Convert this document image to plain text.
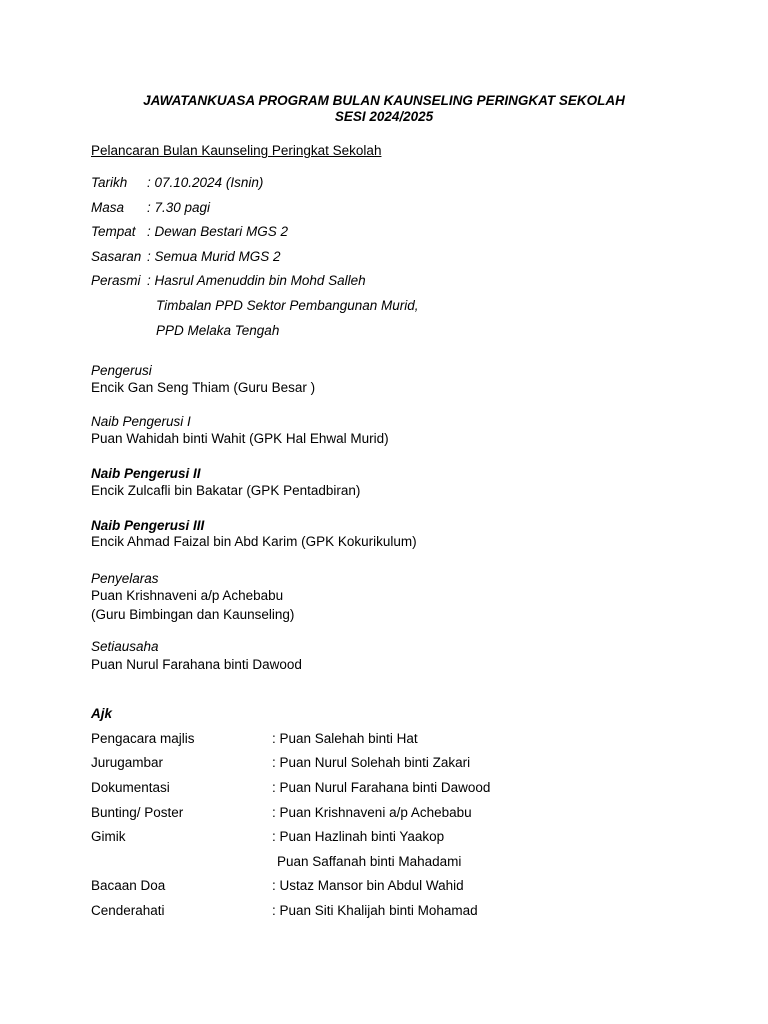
JAWATANKUASA PROGRAM BULAN KAUNSELING PERINGKAT SEKOLAH
SESI 2024/2025
Pelancaran Bulan Kaunseling Peringkat Sekolah
Tarikh : 07.10.2024 (Isnin)
Masa : 7.30 pagi
Tempat : Dewan Bestari MGS 2
Sasaran : Semua Murid MGS 2
Perasmi : Hasrul Amenuddin bin Mohd Salleh
Timbalan PPD Sektor Pembangunan Murid,
PPD Melaka Tengah
Pengerusi
Encik Gan Seng Thiam (Guru Besar )
Naib Pengerusi I
Puan Wahidah binti Wahit (GPK Hal Ehwal Murid)
Naib Pengerusi II
Encik Zulcafli bin Bakatar (GPK Pentadbiran)
Naib Pengerusi III
Encik Ahmad Faizal bin Abd Karim (GPK Kokurikulum)
Penyelaras
Puan Krishnaveni a/p Achebabu
(Guru Bimbingan dan Kaunseling)
Setiausaha
Puan Nurul Farahana binti Dawood
Ajk
Pengacara majlis	: Puan Salehah binti Hat
Jurugambar	: Puan Nurul Solehah binti Zakari
Dokumentasi	: Puan Nurul Farahana binti Dawood
Bunting/ Poster	: Puan Krishnaveni a/p Achebabu
Gimik	: Puan Hazlinah binti Yaakop
Puan Saffanah binti Mahadami
Bacaan Doa	: Ustaz Mansor bin Abdul Wahid
Cenderahati	: Puan Siti Khalijah binti Mohamad
